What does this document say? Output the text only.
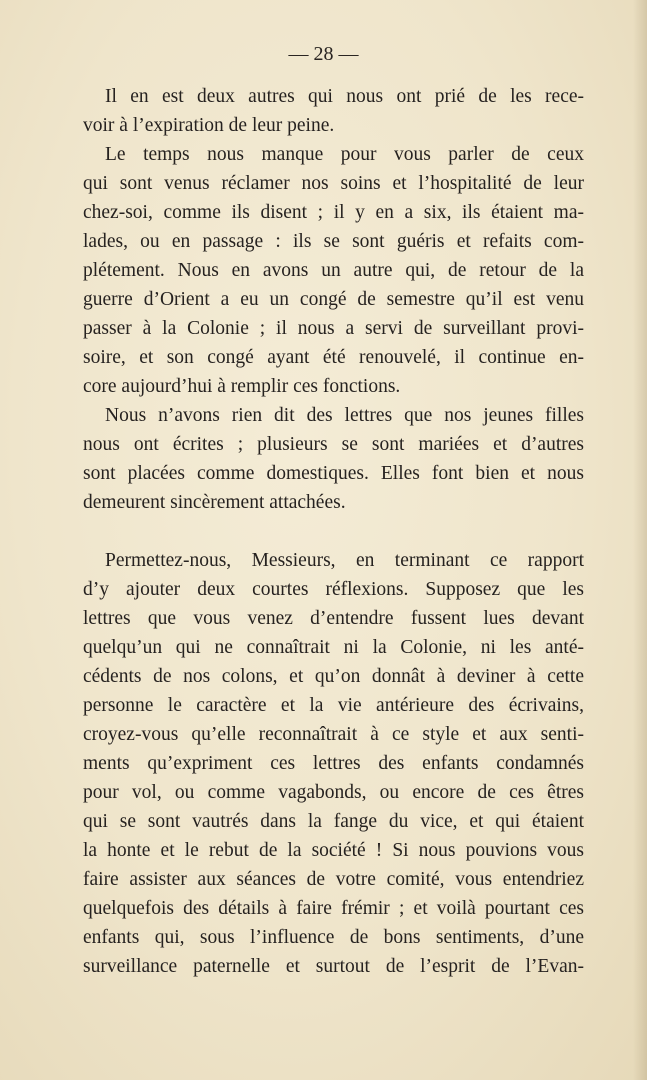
— 28 —
Il en est deux autres qui nous ont prié de les rece-
voir à l’expiration de leur peine.
Le temps nous manque pour vous parler de ceux
qui sont venus réclamer nos soins et l’hospitalité de leur
chez-soi, comme ils disent ; il y en a six, ils étaient ma-
lades, ou en passage : ils se sont guéris et refaits com-
plétement. Nous en avons un autre qui, de retour de la
guerre d’Orient a eu un congé de semestre qu’il est venu
passer à la Colonie ; il nous a servi de surveillant provi-
soire, et son congé ayant été renouvelé, il continue en-
core aujourd’hui à remplir ces fonctions.
Nous n’avons rien dit des lettres que nos jeunes filles
nous ont écrites ; plusieurs se sont mariées et d’autres
sont placées comme domestiques. Elles font bien et nous
demeurent sincèrement attachées.
Permettez-nous, Messieurs, en terminant ce rapport
d’y ajouter deux courtes réflexions. Supposez que les
lettres que vous venez d’entendre fussent lues devant
quelqu’un qui ne connaîtrait ni la Colonie, ni les anté-
cédents de nos colons, et qu’on donnât à deviner à cette
personne le caractère et la vie antérieure des écrivains,
croyez-vous qu’elle reconnaîtrait à ce style et aux senti-
ments qu’expriment ces lettres des enfants condamnés
pour vol, ou comme vagabonds, ou encore de ces êtres
qui se sont vautrés dans la fange du vice, et qui étaient
la honte et le rebut de la société ! Si nous pouvions vous
faire assister aux séances de votre comité, vous entendriez
quelquefois des détails à faire frémir ; et voilà pourtant ces
enfants qui, sous l’influence de bons sentiments, d’une
surveillance paternelle et surtout de l’esprit de l’Evan-
